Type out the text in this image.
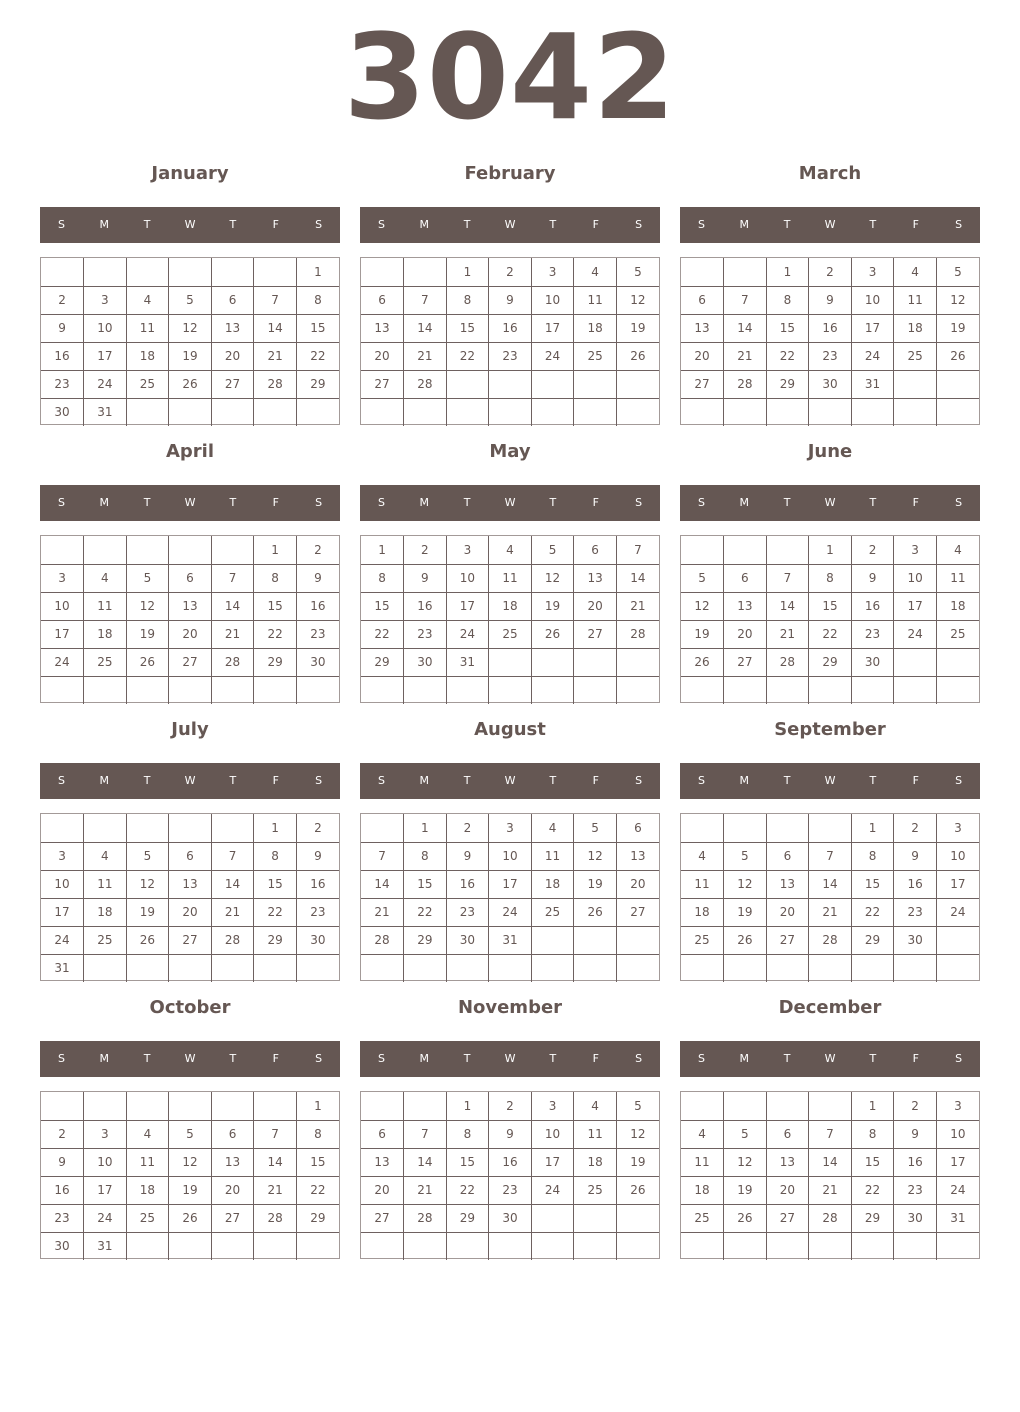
3042
January
S	M	T	W	T	F	S
						1
2	3	4	5	6	7	8
9	10	11	12	13	14	15
16	17	18	19	20	21	22
23	24	25	26	27	28	29
30	31					
February
S	M	T	W	T	F	S
		1	2	3	4	5
6	7	8	9	10	11	12
13	14	15	16	17	18	19
20	21	22	23	24	25	26
27	28					

March
S	M	T	W	T	F	S
		1	2	3	4	5
6	7	8	9	10	11	12
13	14	15	16	17	18	19
20	21	22	23	24	25	26
27	28	29	30	31		

April
S	M	T	W	T	F	S
					1	2
3	4	5	6	7	8	9
10	11	12	13	14	15	16
17	18	19	20	21	22	23
24	25	26	27	28	29	30

May
S	M	T	W	T	F	S
1	2	3	4	5	6	7
8	9	10	11	12	13	14
15	16	17	18	19	20	21
22	23	24	25	26	27	28
29	30	31				

June
S	M	T	W	T	F	S
			1	2	3	4
5	6	7	8	9	10	11
12	13	14	15	16	17	18
19	20	21	22	23	24	25
26	27	28	29	30		

July
S	M	T	W	T	F	S
					1	2
3	4	5	6	7	8	9
10	11	12	13	14	15	16
17	18	19	20	21	22	23
24	25	26	27	28	29	30
31						
August
S	M	T	W	T	F	S
	1	2	3	4	5	6
7	8	9	10	11	12	13
14	15	16	17	18	19	20
21	22	23	24	25	26	27
28	29	30	31			

September
S	M	T	W	T	F	S
				1	2	3
4	5	6	7	8	9	10
11	12	13	14	15	16	17
18	19	20	21	22	23	24
25	26	27	28	29	30	

October
S	M	T	W	T	F	S
						1
2	3	4	5	6	7	8
9	10	11	12	13	14	15
16	17	18	19	20	21	22
23	24	25	26	27	28	29
30	31					
November
S	M	T	W	T	F	S
		1	2	3	4	5
6	7	8	9	10	11	12
13	14	15	16	17	18	19
20	21	22	23	24	25	26
27	28	29	30			

December
S	M	T	W	T	F	S
				1	2	3
4	5	6	7	8	9	10
11	12	13	14	15	16	17
18	19	20	21	22	23	24
25	26	27	28	29	30	31
